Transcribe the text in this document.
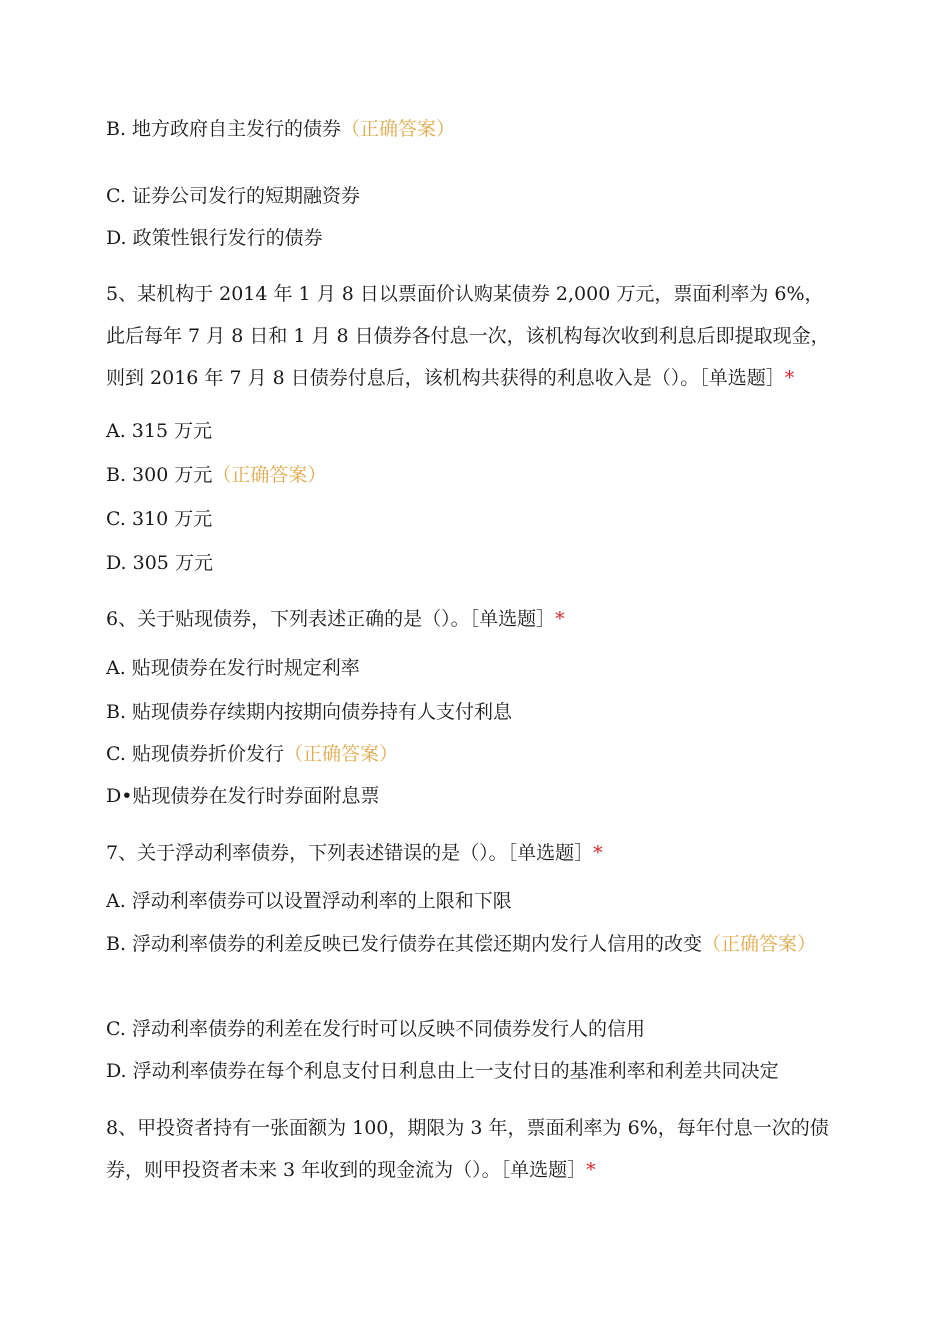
B. 地方政府自主发行的债券（正确答案）
C. 证券公司发行的短期融资券
D. 政策性银行发行的债券
5、某机构于 2014 年 1 月 8 日以票面价认购某债券 2,000 万元，票面利率为 6%，此后每年 7 月 8 日和 1 月 8 日债券各付息一次，该机构每次收到利息后即提取现金，则到 2016 年 7 月 8 日债券付息后，该机构共获得的利息收入是（）。［单选题］*
A. 315 万元
B. 300 万元（正确答案）
C. 310 万元
D. 305 万元
6、关于贴现债券，下列表述正确的是（）。［单选题］*
A. 贴现债券在发行时规定利率
B. 贴现债券存续期内按期向债券持有人支付利息
C. 贴现债券折价发行（正确答案）
D•贴现债券在发行时券面附息票
7、关于浮动利率债券，下列表述错误的是（）。［单选题］*
A. 浮动利率债券可以设置浮动利率的上限和下限
B. 浮动利率债券的利差反映已发行债券在其偿还期内发行人信用的改变（正确答案）
C. 浮动利率债券的利差在发行时可以反映不同债券发行人的信用
D. 浮动利率债券在每个利息支付日利息由上一支付日的基准利率和利差共同决定
8、甲投资者持有一张面额为 100，期限为 3 年，票面利率为 6%，每年付息一次的债券，则甲投资者未来 3 年收到的现金流为（）。［单选题］*
